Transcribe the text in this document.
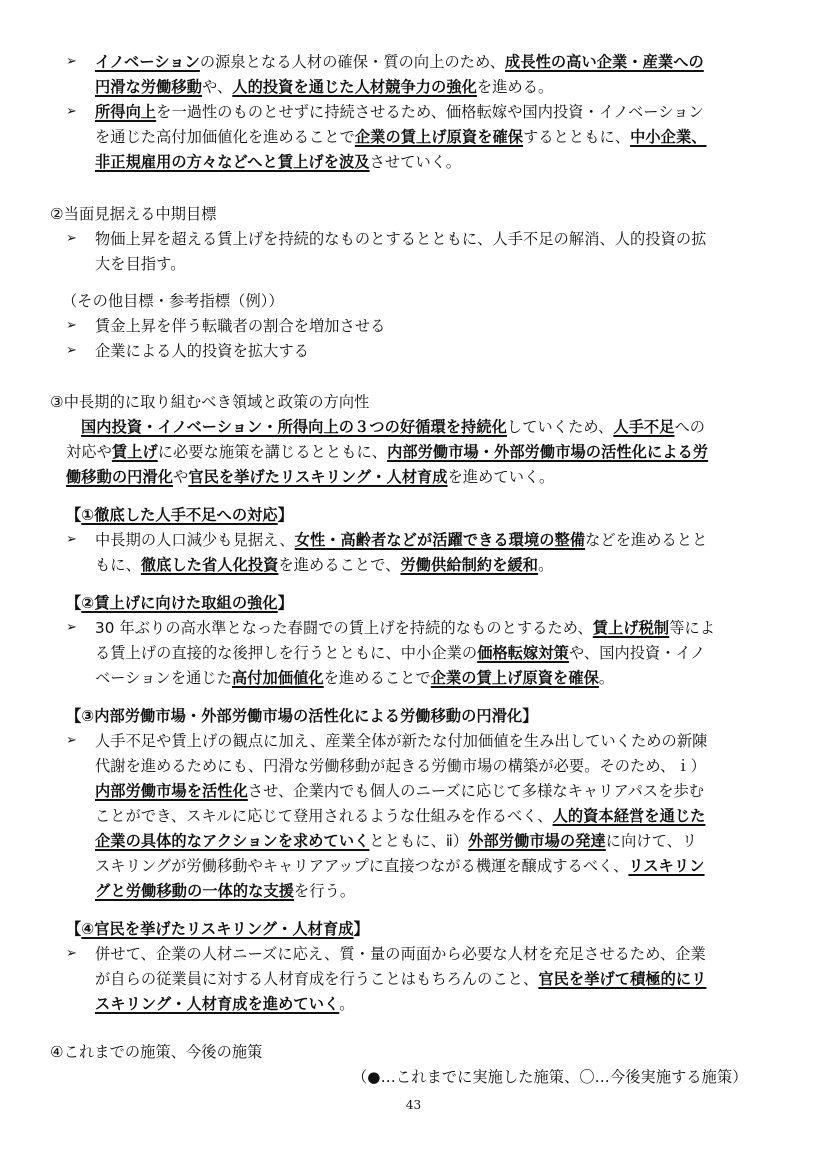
➢ イノベーションの源泉となる人材の確保・質の向上のため、成長性の高い企業・産業への
円滑な労働移動や、人的投資を通じた人材競争力の強化を進める。
➢ 所得向上を一過性のものとせずに持続させるため、価格転嫁や国内投資・イノベーション
を通じた高付加価値化を進めることで企業の賃上げ原資を確保するとともに、中小企業、
非正規雇用の方々などへと賃上げを波及させていく。
②当面見据える中期目標
➢ 物価上昇を超える賃上げを持続的なものとするとともに、人手不足の解消、人的投資の拡
大を目指す。
（その他目標・参考指標（例））
➢ 賃金上昇を伴う転職者の割合を増加させる
➢ 企業による人的投資を拡大する
③中長期的に取り組むべき領域と政策の方向性
国内投資・イノベーション・所得向上の３つの好循環を持続化していくため、人手不足への
対応や賃上げに必要な施策を講じるとともに、内部労働市場・外部労働市場の活性化による労
働移動の円滑化や官民を挙げたリスキリング・人材育成を進めていく。
【①徹底した人手不足への対応】
➢ 中長期の人口減少も見据え、女性・高齢者などが活躍できる環境の整備などを進めるとと
もに、徹底した省人化投資を進めることで、労働供給制約を緩和。
【②賃上げに向けた取組の強化】
➢ 30 年ぶりの高水準となった春闘での賃上げを持続的なものとするため、賃上げ税制等によ
る賃上げの直接的な後押しを行うとともに、中小企業の価格転嫁対策や、国内投資・イノ
ベーションを通じた高付加価値化を進めることで企業の賃上げ原資を確保。
【③内部労働市場・外部労働市場の活性化による労働移動の円滑化】
➢ 人手不足や賃上げの観点に加え、産業全体が新たな付加価値を生み出していくための新陳
代謝を進めるためにも、円滑な労働移動が起きる労働市場の構築が必要。そのため、ｉ）
内部労働市場を活性化させ、企業内でも個人のニーズに応じて多様なキャリアパスを歩む
ことができ、スキルに応じて登用されるような仕組みを作るべく、人的資本経営を通じた
企業の具体的なアクションを求めていくとともに、ⅱ）外部労働市場の発達に向けて、リ
スキリングが労働移動やキャリアアップに直接つながる機運を醸成するべく、リスキリン
グと労働移動の一体的な支援を行う。
【④官民を挙げたリスキリング・人材育成】
➢ 併せて、企業の人材ニーズに応え、質・量の両面から必要な人材を充足させるため、企業
が自らの従業員に対する人材育成を行うことはもちろんのこと、官民を挙げて積極的にリ
スキリング・人材育成を進めていく。
④これまでの施策、今後の施策
（●…これまでに実施した施策、〇…今後実施する施策）
43
